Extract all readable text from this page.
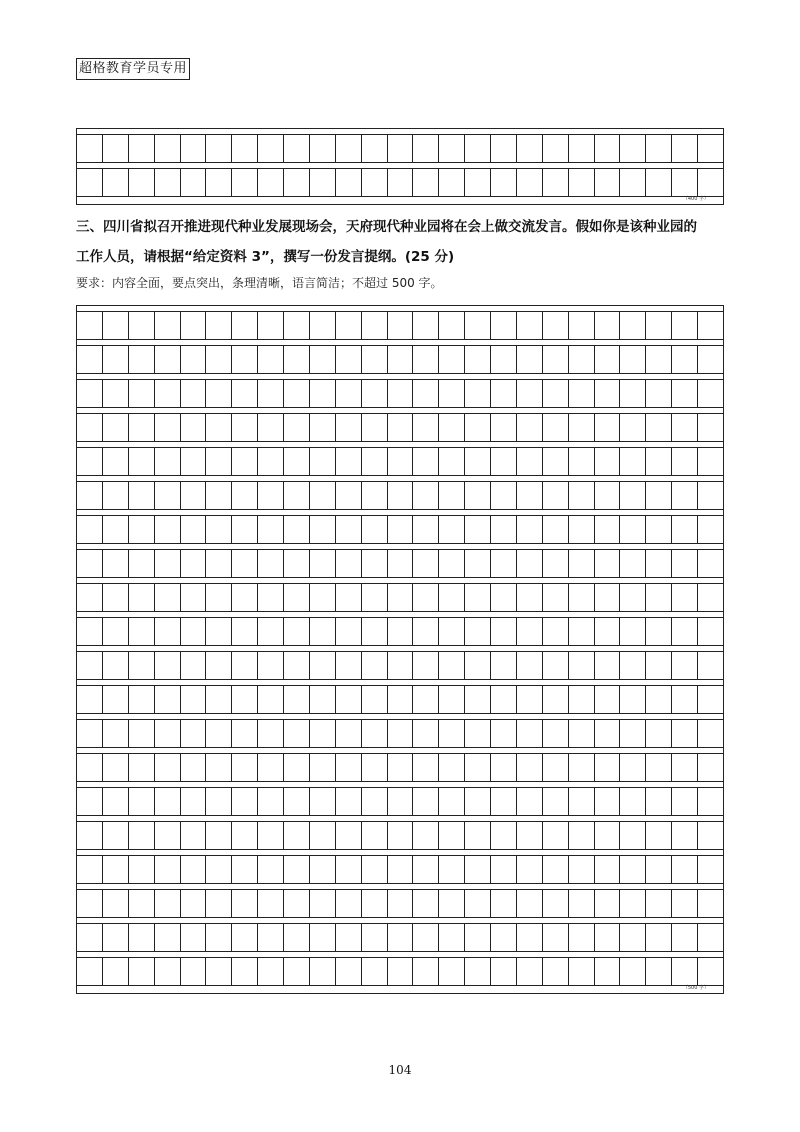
超格教育学员专用
（400 字）
三、四川省拟召开推进现代种业发展现场会，天府现代种业园将在会上做交流发言。假如你是该种业园的
工作人员，请根据“给定资料 3”，撰写一份发言提纲。(25 分)
要求：内容全面，要点突出，条理清晰，语言简洁；不超过 500 字。
（500 字）
104
